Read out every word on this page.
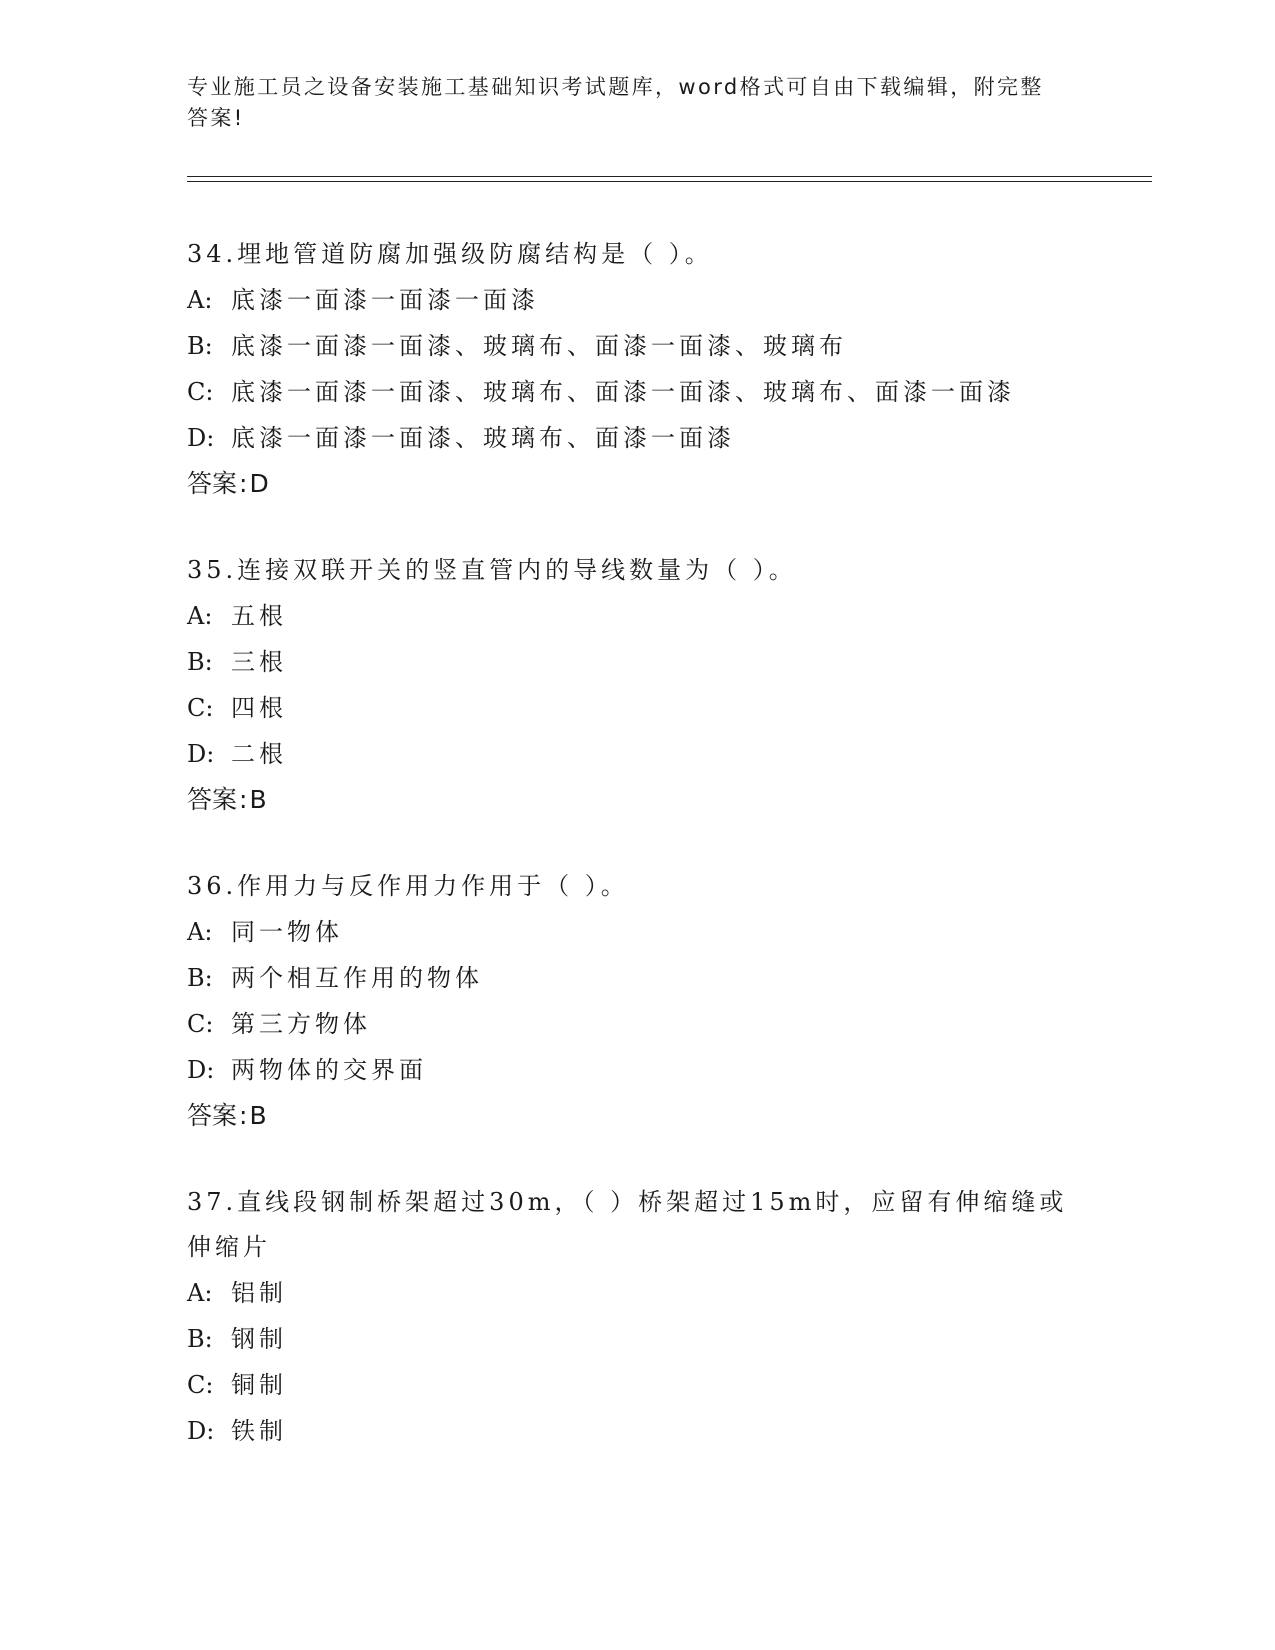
专业施工员之设备安装施工基础知识考试题库，word格式可自由下载编辑，附完整答案!
34.埋地管道防腐加强级防腐结构是（ ）。
A: 底漆一面漆一面漆一面漆
B: 底漆一面漆一面漆、玻璃布、面漆一面漆、玻璃布
C: 底漆一面漆一面漆、玻璃布、面漆一面漆、玻璃布、面漆一面漆
D: 底漆一面漆一面漆、玻璃布、面漆一面漆
答案:D
35.连接双联开关的竖直管内的导线数量为（ ）。
A: 五根
B: 三根
C: 四根
D: 二根
答案:B
36.作用力与反作用力作用于（ ）。
A: 同一物体
B: 两个相互作用的物体
C: 第三方物体
D: 两物体的交界面
答案:B
37.直线段钢制桥架超过30m，（ ）桥架超过15m时，应留有伸缩缝或伸缩片
A: 铝制
B: 钢制
C: 铜制
D: 铁制
